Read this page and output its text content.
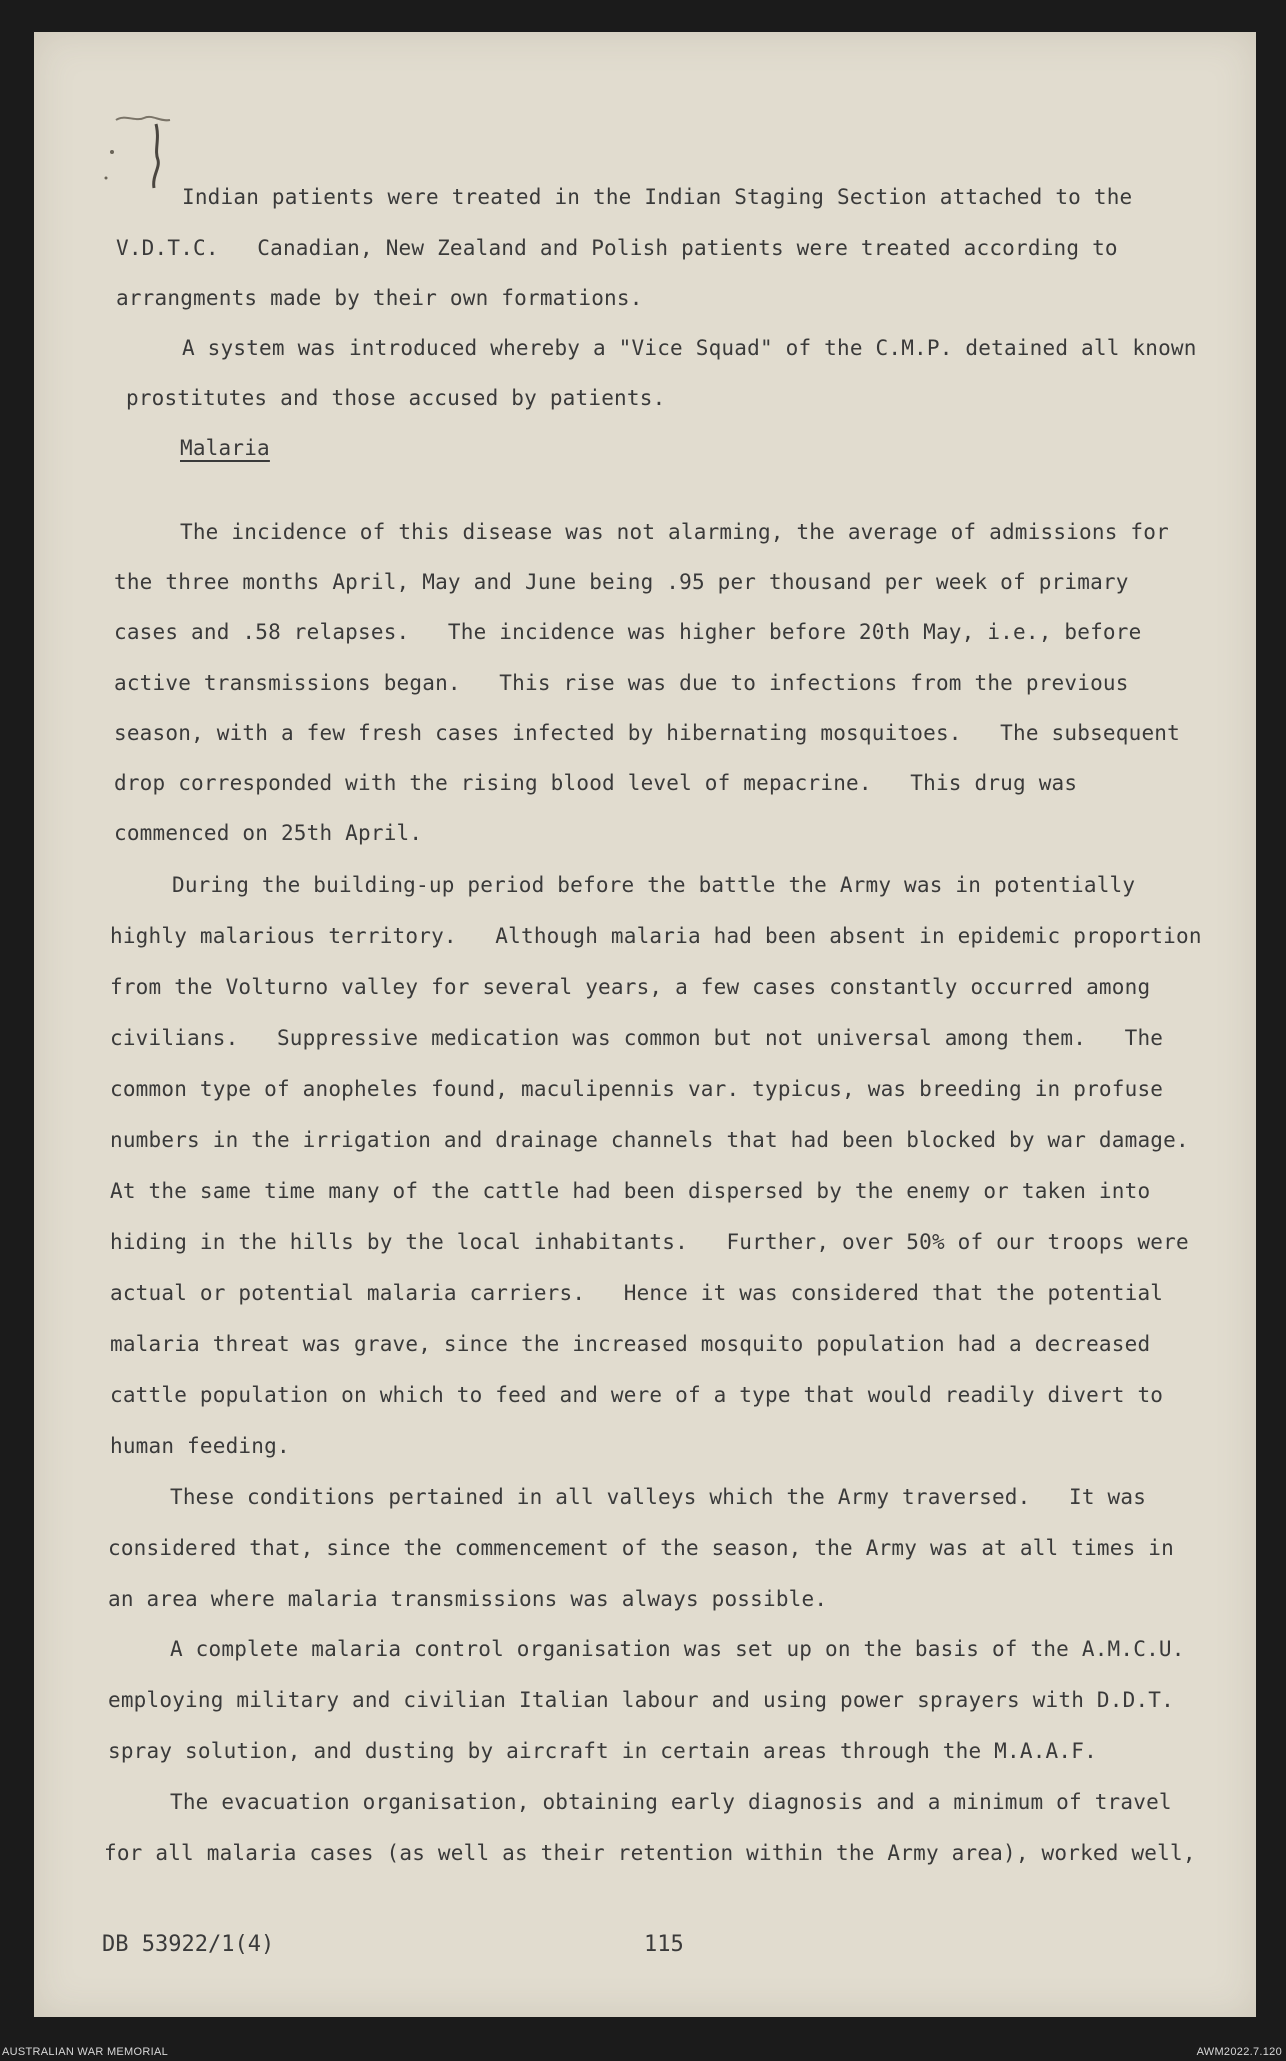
Indian patients were treated in the Indian Staging Section attached to the
V.D.T.C.   Canadian, New Zealand and Polish patients were treated according to
arrangments made by their own formations.
A system was introduced whereby a "Vice Squad" of the C.M.P. detained all known
prostitutes and those accused by patients.
Malaria
The incidence of this disease was not alarming, the average of admissions for
the three months April, May and June being .95 per thousand per week of primary
cases and .58 relapses.   The incidence was higher before 20th May, i.e., before
active transmissions began.   This rise was due to infections from the previous
season, with a few fresh cases infected by hibernating mosquitoes.   The subsequent
drop corresponded with the rising blood level of mepacrine.   This drug was
commenced on 25th April.
During the building-up period before the battle the Army was in potentially
highly malarious territory.   Although malaria had been absent in epidemic proportion
from the Volturno valley for several years, a few cases constantly occurred among
civilians.   Suppressive medication was common but not universal among them.   The
common type of anopheles found, maculipennis var. typicus, was breeding in profuse
numbers in the irrigation and drainage channels that had been blocked by war damage.
At the same time many of the cattle had been dispersed by the enemy or taken into
hiding in the hills by the local inhabitants.   Further, over 50% of our troops were
actual or potential malaria carriers.   Hence it was considered that the potential
malaria threat was grave, since the increased mosquito population had a decreased
cattle population on which to feed and were of a type that would readily divert to
human feeding.
These conditions pertained in all valleys which the Army traversed.   It was
considered that, since the commencement of the season, the Army was at all times in
an area where malaria transmissions was always possible.
A complete malaria control organisation was set up on the basis of the A.M.C.U.
employing military and civilian Italian labour and using power sprayers with D.D.T.
spray solution, and dusting by aircraft in certain areas through the M.A.A.F.
The evacuation organisation, obtaining early diagnosis and a minimum of travel
for all malaria cases (as well as their retention within the Army area), worked well,
DB 53922/1(4)	115
AUSTRALIAN WAR MEMORIAL	AWM2022.7.120
